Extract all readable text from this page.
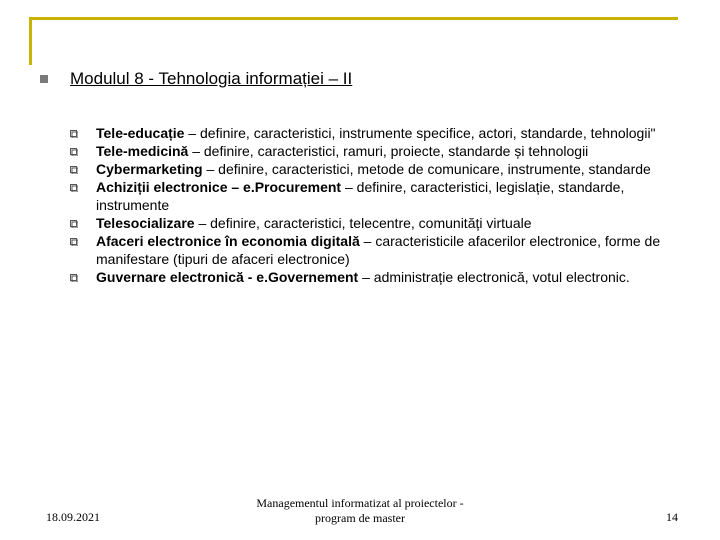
Modulul 8 - Tehnologia informației – II
Tele-educație – definire, caracteristici, instrumente specifice, actori, standarde, tehnologii"
Tele-medicină – definire, caracteristici, ramuri, proiecte, standarde și tehnologii
Cybermarketing – definire, caracteristici, metode de comunicare, instrumente, standarde
Achiziții electronice – e.Procurement – definire, caracteristici, legislație, standarde, instrumente
Telesocializare – definire, caracteristici, telecentre, comunități virtuale
Afaceri electronice în economia digitală – caracteristicile afacerilor electronice, forme de manifestare (tipuri de afaceri electronice)
Guvernare electronică - e.Governement – administrație electronică, votul electronic.
18.09.2021
Managementul informatizat al proiectelor -
program de master	14
